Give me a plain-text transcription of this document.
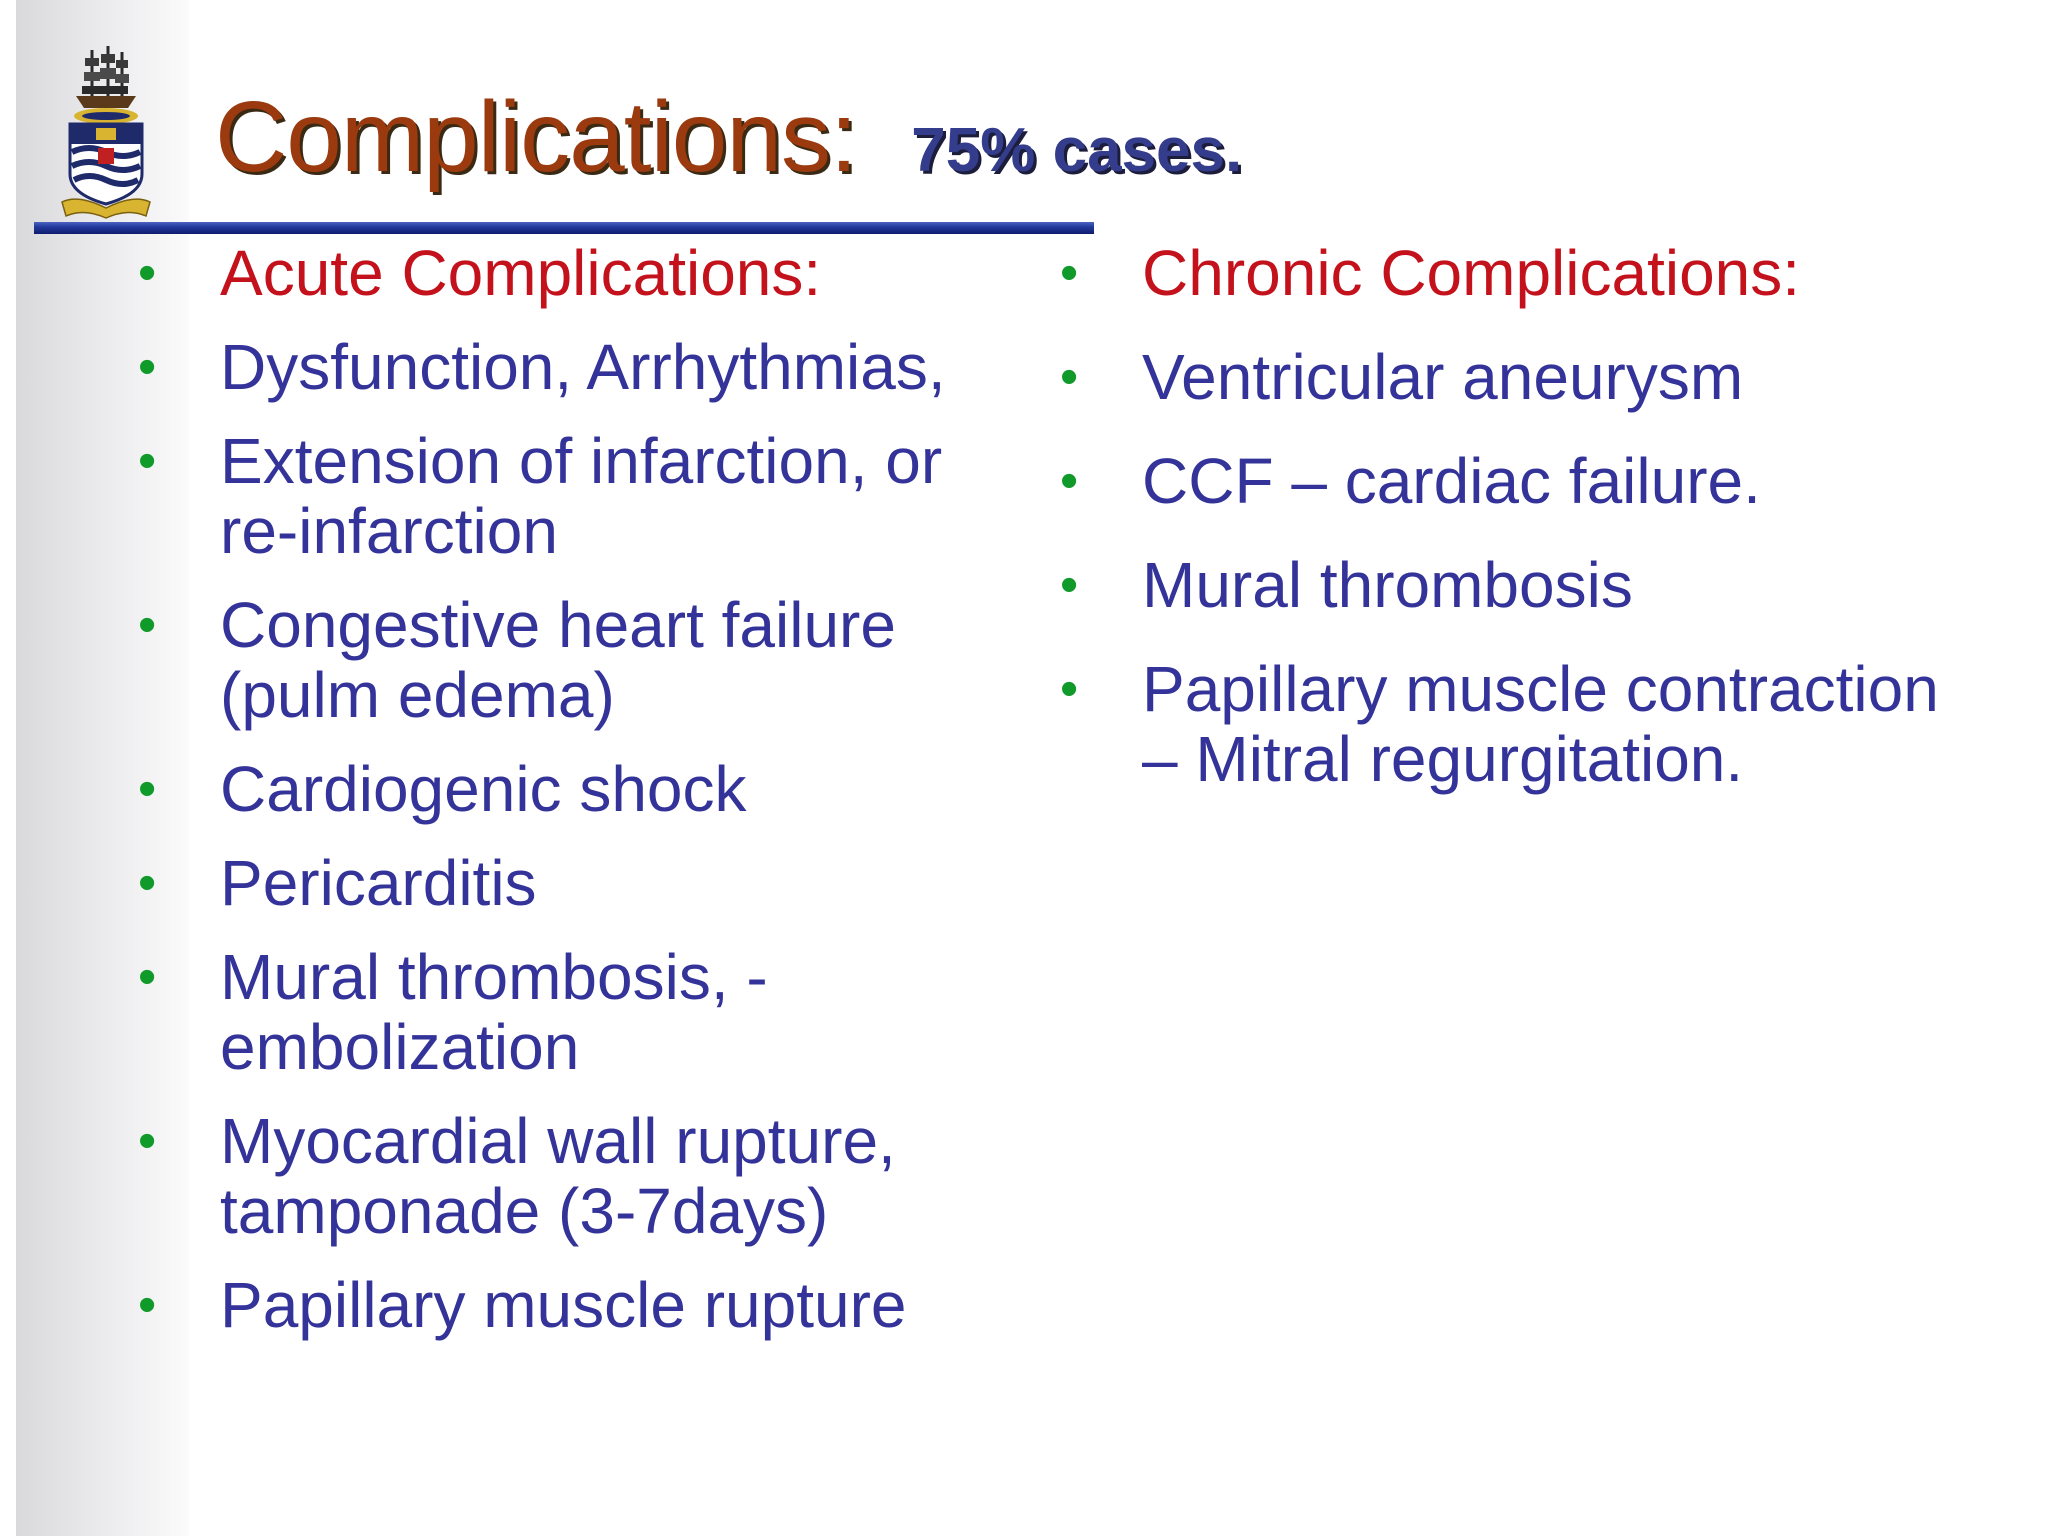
Complications: 75% cases.
• Acute Complications:
• Dysfunction, Arrhythmias,
• Extension of infarction, or
re-infarction
• Congestive heart failure
(pulm edema)
• Cardiogenic shock
• Pericarditis
• Mural thrombosis, -
embolization
• Myocardial wall rupture,
tamponade (3-7days)
• Papillary muscle rupture
• Chronic Complications:
• Ventricular aneurysm
• CCF – cardiac failure.
• Mural thrombosis
• Papillary muscle contraction
– Mitral regurgitation.
